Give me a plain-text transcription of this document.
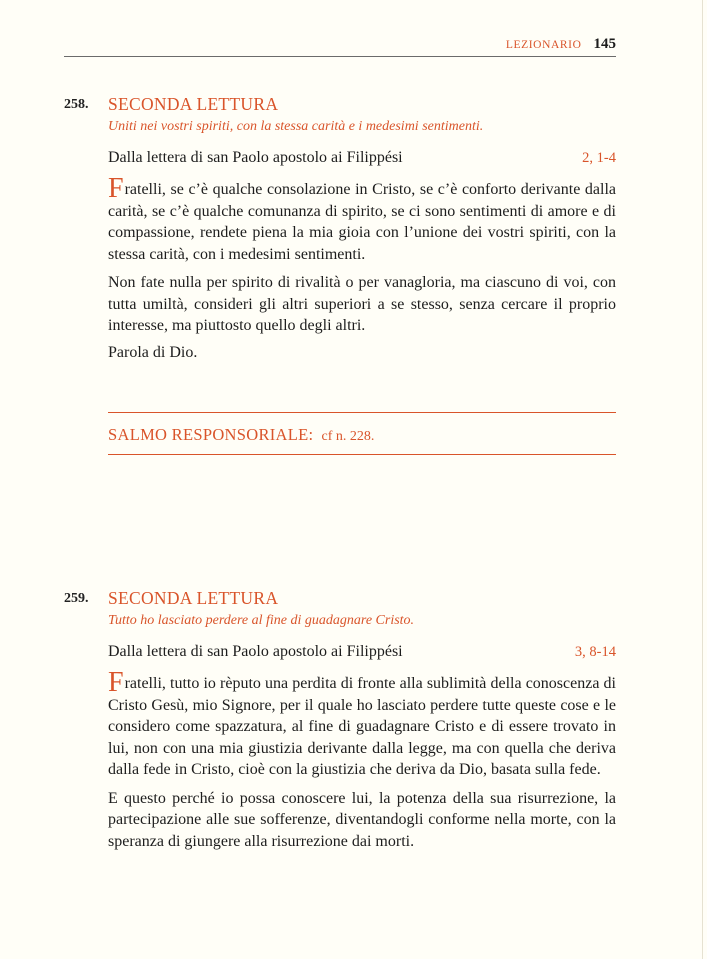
LEZIONARIO 145
258. SECONDA LETTURA
Uniti nei vostri spiriti, con la stessa carità e i medesimi sentimenti.
Dalla lettera di san Paolo apostolo ai Filippési	2, 1-4

Fratelli, se c’è qualche consolazione in Cristo, se c’è conforto derivante dalla carità, se c’è qualche comunanza di spirito, se ci sono sentimenti di amore e di compassione, rendete piena la mia gioia con l’unione dei vostri spiriti, con la stessa carità, con i medesimi sentimenti.

Non fate nulla per spirito di rivalità o per vanagloria, ma ciascuno di voi, con tutta umiltà, consideri gli altri superiori a se stesso, senza cercare il proprio interesse, ma piuttosto quello degli altri.

Parola di Dio.
SALMO RESPONSORIALE: cf n. 228.
259. SECONDA LETTURA
Tutto ho lasciato perdere al fine di guadagnare Cristo.
Dalla lettera di san Paolo apostolo ai Filippési	3, 8-14

Fratelli, tutto io rèputo una perdita di fronte alla sublimità della conoscenza di Cristo Gesù, mio Signore, per il quale ho lasciato perdere tutte queste cose e le considero come spazzatura, al fine di guadagnare Cristo e di essere trovato in lui, non con una mia giustizia derivante dalla legge, ma con quella che deriva dalla fede in Cristo, cioè con la giustizia che deriva da Dio, basata sulla fede.

E questo perché io possa conoscere lui, la potenza della sua risurrezione, la partecipazione alle sue sofferenze, diventandogli conforme nella morte, con la speranza di giungere alla risurrezione dai morti.
